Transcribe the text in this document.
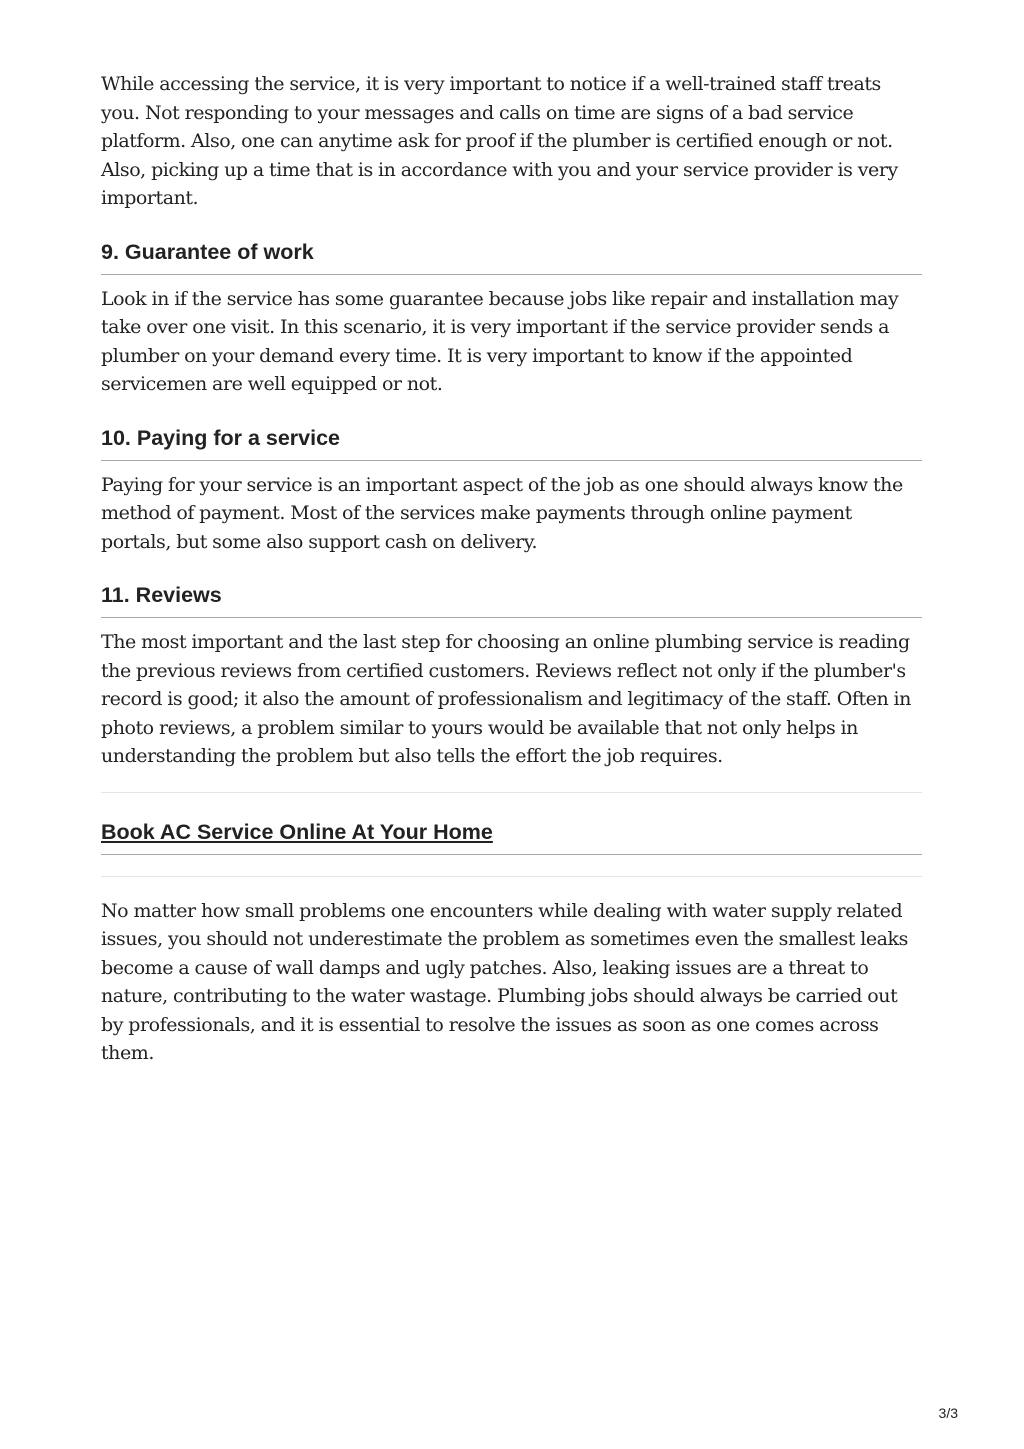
While accessing the service, it is very important to notice if a well-trained staff treats you. Not responding to your messages and calls on time are signs of a bad service platform. Also, one can anytime ask for proof if the plumber is certified enough or not. Also, picking up a time that is in accordance with you and your service provider is very important.

9. Guarantee of work

Look in if the service has some guarantee because jobs like repair and installation may take over one visit. In this scenario, it is very important if the service provider sends a plumber on your demand every time. It is very important to know if the appointed servicemen are well equipped or not.

10. Paying for a service

Paying for your service is an important aspect of the job as one should always know the method of payment. Most of the services make payments through online payment portals, but some also support cash on delivery.

11. Reviews

The most important and the last step for choosing an online plumbing service is reading the previous reviews from certified customers. Reviews reflect not only if the plumber's record is good; it also the amount of professionalism and legitimacy of the staff. Often in photo reviews, a problem similar to yours would be available that not only helps in understanding the problem but also tells the effort the job requires.

Book AC Service Online At Your Home

No matter how small problems one encounters while dealing with water supply related issues, you should not underestimate the problem as sometimes even the smallest leaks become a cause of wall damps and ugly patches. Also, leaking issues are a threat to nature, contributing to the water wastage. Plumbing jobs should always be carried out by professionals, and it is essential to resolve the issues as soon as one comes across them.

3/3
